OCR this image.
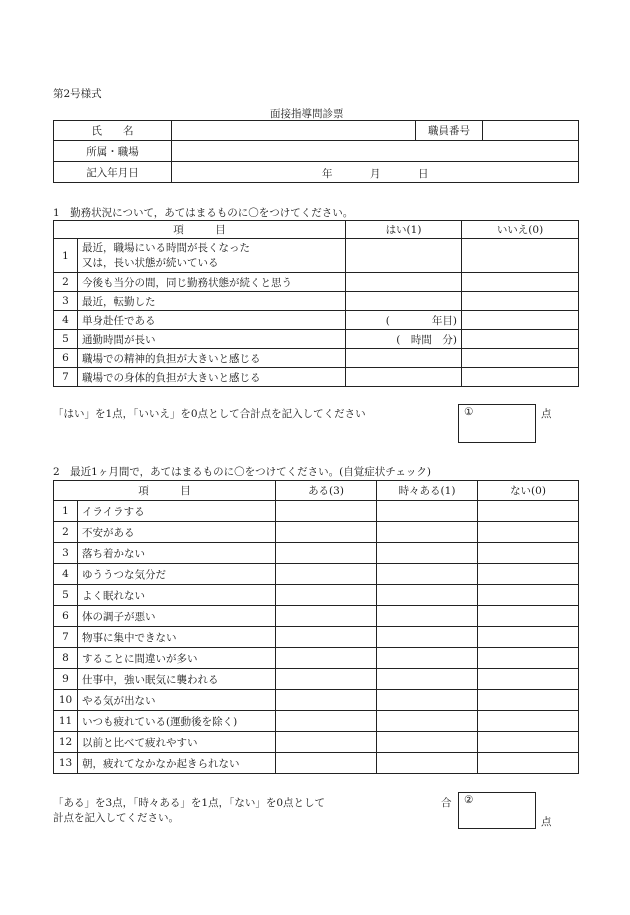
第2号様式
面接指導問診票
氏　　名		職員番号	
所属・職場			
記入年月日	年 月 日		
1　勤務状況について，あてはまるものに〇をつけてください。
項　　　目		はい(1)	いいえ(0)
1	最近，職場にいる時間が長くなった
又は，長い状態が続いている		

2	今後も当分の間，同じ勤務状態が続くと思う		
3	最近，転勤した		
4	単身赴任である	(　　　　年目)	
5	通勤時間が長い	(　時間　分)	
6	職場での精神的負担が大きいと感じる		
7	職場での身体的負担が大きいと感じる		
「はい」を1点，「いいえ」を0点として合計点を記入してください	①	点
2　最近1ヶ月間で，あてはまるものに〇をつけてください。(自覚症状チェック)
項　　　目		ある(3)	時々ある(1)	ない(0)
1	イライラする			
2	不安がある			
3	落ち着かない			
4	ゆううつな気分だ			
5	よく眠れない			
6	体の調子が悪い			
7	物事に集中できない			
8	することに間違いが多い			
9	仕事中，強い眠気に襲われる			
10	やる気が出ない			
11	いつも疲れている(運動後を除く)			
12	以前と比べて疲れやすい			
13	朝，疲れてなかなか起きられない			
「ある」を3点，「時々ある」を1点，「ない」を0点として
計点を記入してください。
合 ②
点
